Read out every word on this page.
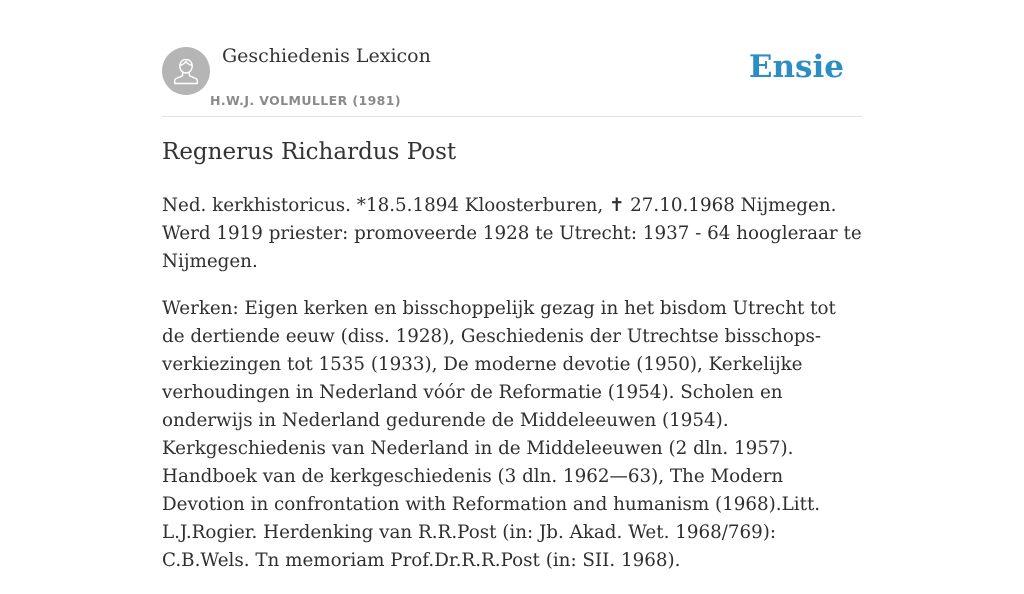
Geschiedenis Lexicon
H.W.J. VOLMULLER (1981)
Ensie
Regnerus Richardus Post

Ned. kerkhistoricus. *18.5.1894 Kloosterburen, ✝ 27.10.1968 Nijmegen. Werd 1919 priester: promoveerde 1928 te Utrecht: 1937 - 64 hoogleraar te Nijmegen.

Werken: Eigen kerken en bisschoppelijk gezag in het bisdom Utrecht tot de dertiende eeuw (diss. 1928), Geschiedenis der Utrechtse bisschops- verkiezingen tot 1535 (1933), De moderne devotie (1950), Kerkelijke verhoudingen in Nederland vóór de Reformatie (1954). Scholen en onderwijs in Nederland gedurende de Middeleeuwen (1954). Kerkgeschiedenis van Nederland in de Middeleeuwen (2 dln. 1957). Handboek van de kerkgeschiedenis (3 dln. 1962—63), The Modern Devotion in confrontation with Reformation and humanism (1968).Litt. L.J.Rogier. Herdenking van R.R.Post (in: Jb. Akad. Wet. 1968/769): C.B.Wels. Tn memoriam Prof.Dr.R.R.Post (in: SII. 1968).
